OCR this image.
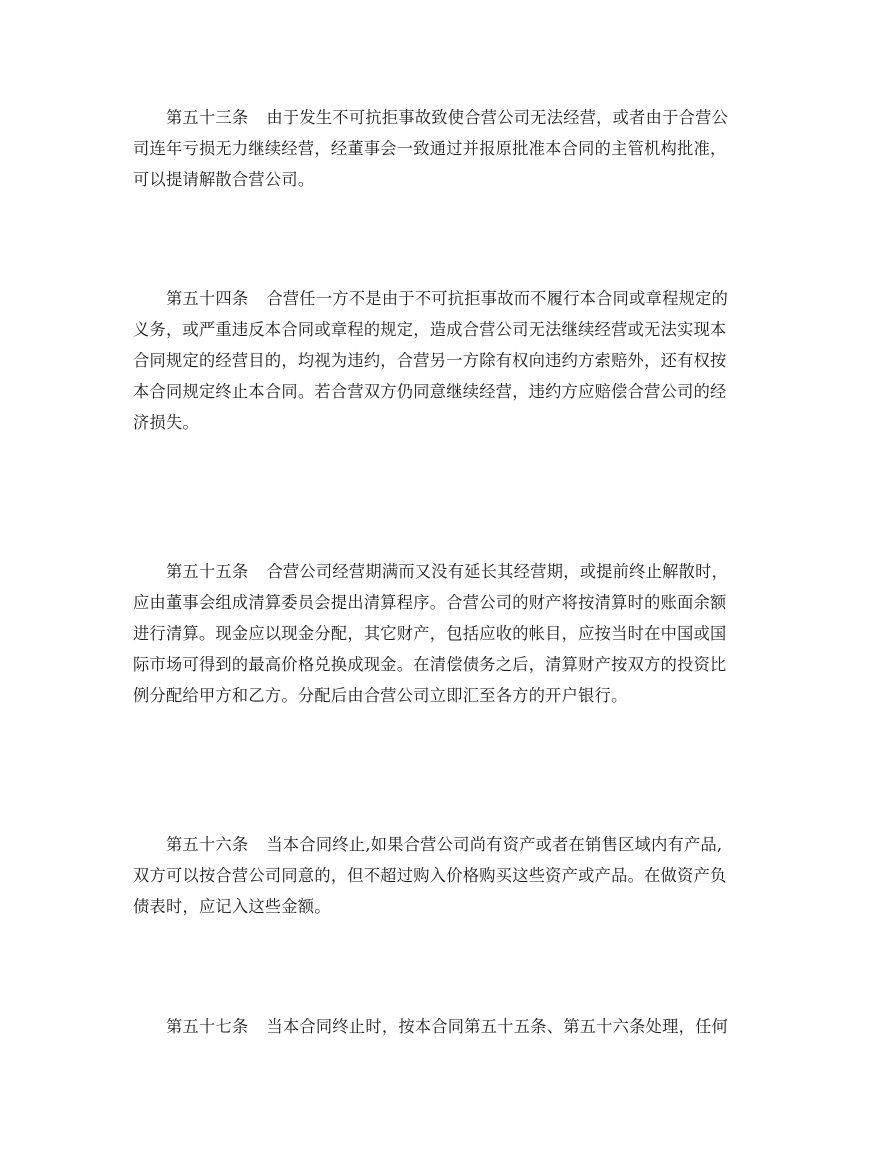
第五十三条 由于发生不可抗拒事故致使合营公司无法经营，或者由于合营公
司连年亏损无力继续经营，经董事会一致通过并报原批准本合同的主管机构批准，
可以提请解散合营公司。
第五十四条 合营任一方不是由于不可抗拒事故而不履行本合同或章程规定的
义务，或严重违反本合同或章程的规定，造成合营公司无法继续经营或无法实现本
合同规定的经营目的，均视为违约，合营另一方除有权向违约方索赔外，还有权按
本合同规定终止本合同。若合营双方仍同意继续经营，违约方应赔偿合营公司的经
济损失。
第五十五条 合营公司经营期满而又没有延长其经营期，或提前终止解散时，
应由董事会组成清算委员会提出清算程序。合营公司的财产将按清算时的账面余额
进行清算。现金应以现金分配，其它财产，包括应收的帐目，应按当时在中国或国
际市场可得到的最高价格兑换成现金。在清偿债务之后，清算财产按双方的投资比
例分配给甲方和乙方。分配后由合营公司立即汇至各方的开户银行。
第五十六条 当本合同终止,如果合营公司尚有资产或者在销售区域内有产品,
双方可以按合营公司同意的，但不超过购入价格购买这些资产或产品。在做资产负
债表时，应记入这些金额。
第五十七条 当本合同终止时，按本合同第五十五条、第五十六条处理，任何
